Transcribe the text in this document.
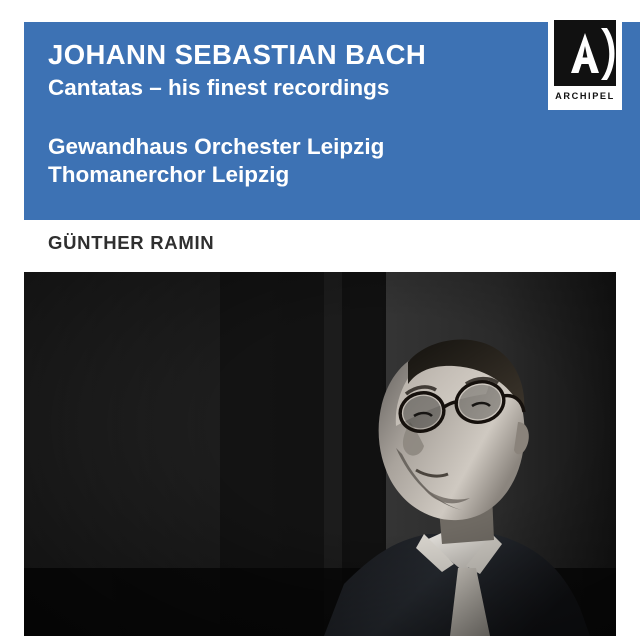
JOHANN SEBASTIAN BACH
Cantatas – his finest recordings
Gewandhaus Orchester Leipzig
Thomanerchor Leipzig
ARCHIPEL
GÜNTHER RAMIN
